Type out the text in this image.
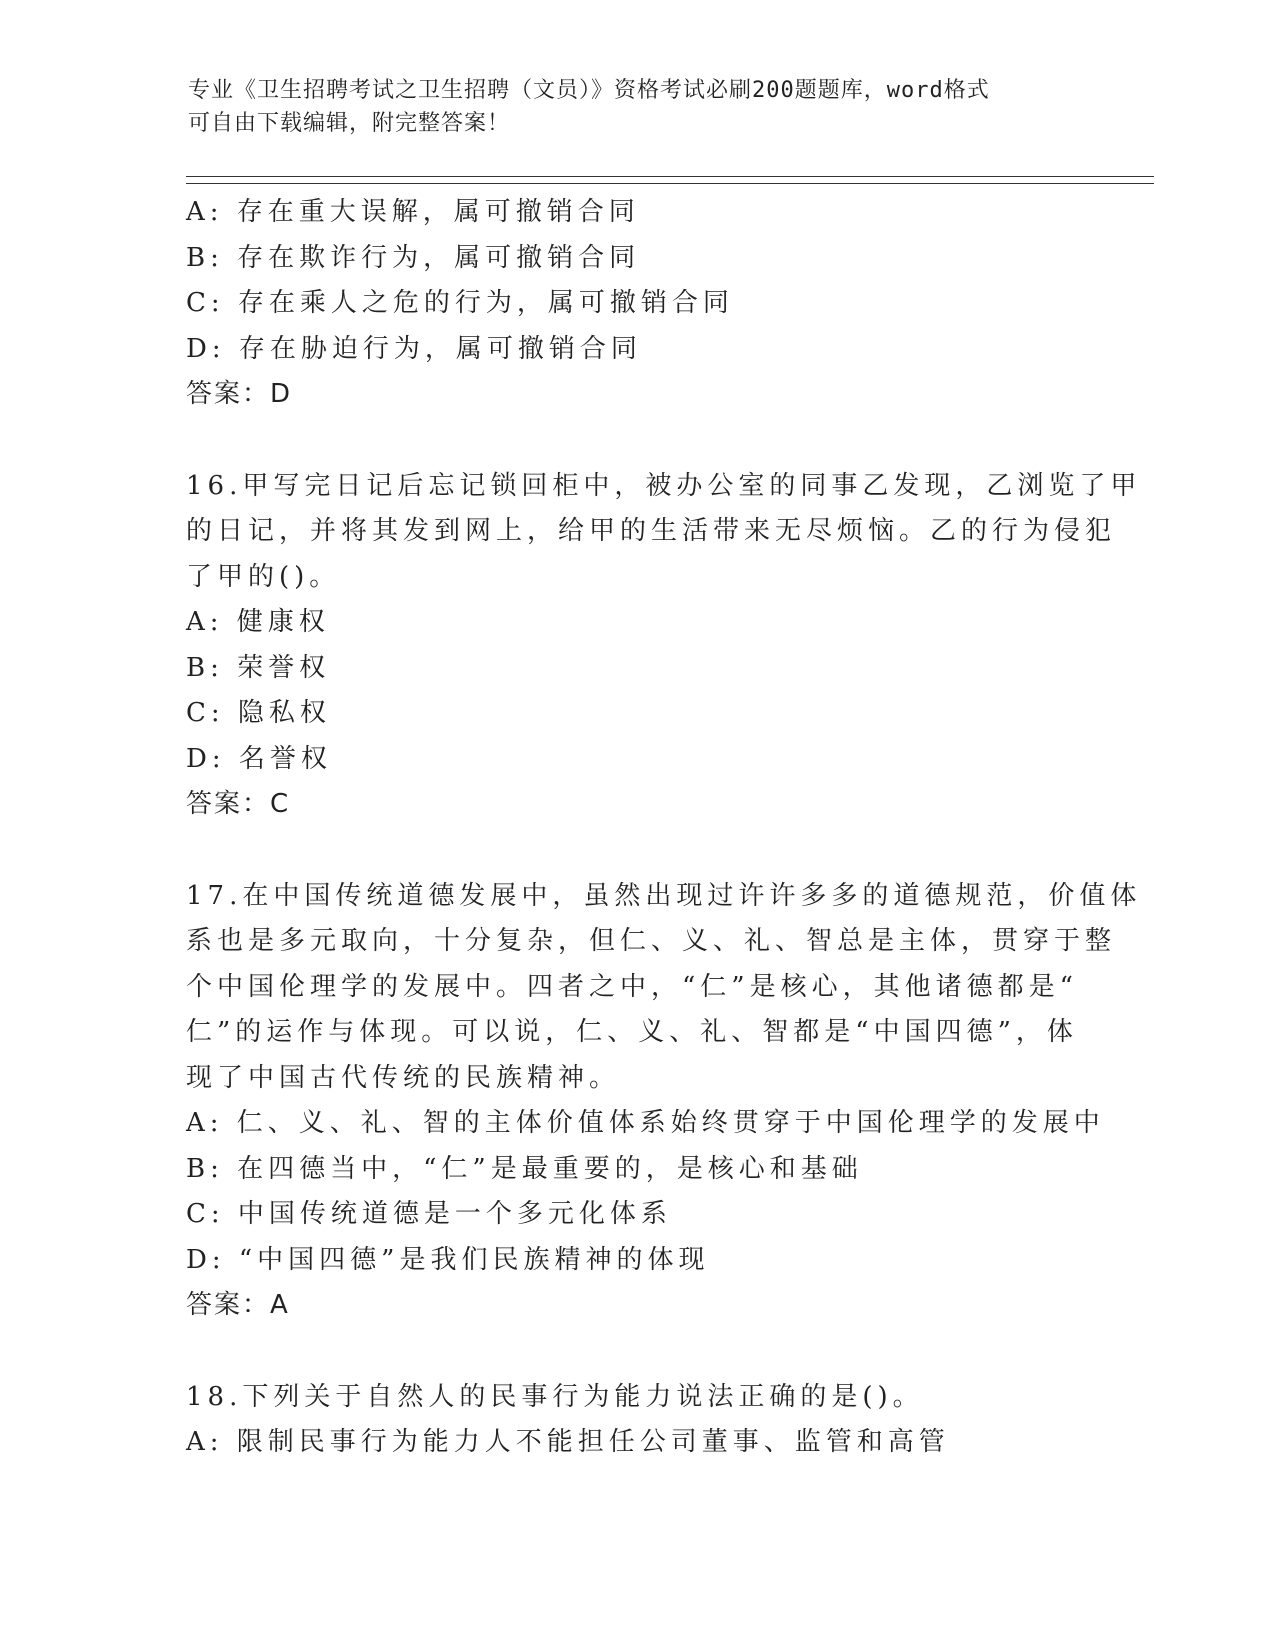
专业《卫生招聘考试之卫生招聘（文员）》资格考试必刷200题题库，word格式
可自由下载编辑，附完整答案！
A: 存在重大误解，属可撤销合同
B: 存在欺诈行为，属可撤销合同
C: 存在乘人之危的行为，属可撤销合同
D: 存在胁迫行为，属可撤销合同
答案：D
16.甲写完日记后忘记锁回柜中，被办公室的同事乙发现，乙浏览了甲
的日记，并将其发到网上，给甲的生活带来无尽烦恼。乙的行为侵犯
了甲的()。
A: 健康权
B: 荣誉权
C: 隐私权
D: 名誉权
答案：C
17.在中国传统道德发展中，虽然出现过许许多多的道德规范，价值体
系也是多元取向，十分复杂，但仁、义、礼、智总是主体，贯穿于整
个中国伦理学的发展中。四者之中，“仁”是核心，其他诸德都是“
仁”的运作与体现。可以说，仁、义、礼、智都是“中国四德”，体
现了中国古代传统的民族精神。
A: 仁、义、礼、智的主体价值体系始终贯穿于中国伦理学的发展中
B: 在四德当中，“仁”是最重要的，是核心和基础
C: 中国传统道德是一个多元化体系
D: “中国四德”是我们民族精神的体现
答案：A
18.下列关于自然人的民事行为能力说法正确的是()。
A: 限制民事行为能力人不能担任公司董事、监管和高管
